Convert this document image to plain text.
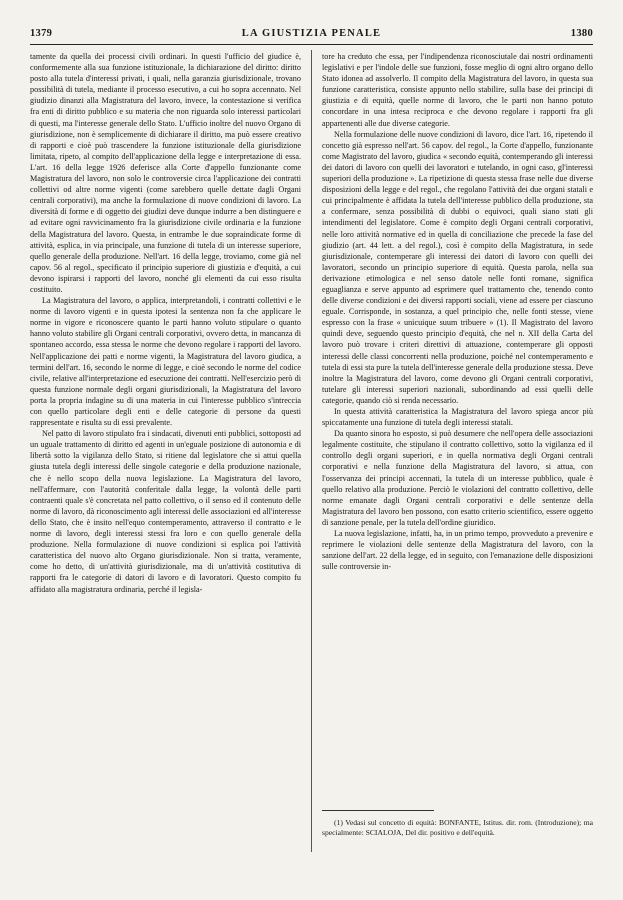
1379	LA GIUSTIZIA PENALE	1380

tamente da quella dei processi civili ordinari. In questi l'ufficio del giudice è, conformemente alla sua funzione istituzionale, la dichiarazione del diritto: diritto posto alla tutela d'interessi privati, i quali, nella garanzia giurisdizionale, trovano possibilità di tutela, mediante il processo esecutivo, a cui ho sopra accennato. Nel giudizio dinanzi alla Magistratura del lavoro, invece, la contestazione si verifica fra enti di diritto pubblico e su materia che non riguarda solo interessi particolari di questi, ma l'interesse generale dello Stato. L'ufficio inoltre del nuovo Organo di giurisdizione, non è semplicemente di dichiarare il diritto, ma può essere creativo di rapporti e cioè può trascendere la funzione istituzionale della giurisdizione limitata, ripeto, al compito dell'applicazione della legge e interpretazione di essa. L'art. 16 della legge 1926 deferisce alla Corte d'appello funzionante come Magistratura del lavoro, non solo le controversie circa l'applicazione dei contratti collettivi od altre norme vigenti (come sarebbero quelle dettate dagli Organi centrali corporativi), ma anche la formulazione di nuove condizioni di lavoro. La diversità di forme e di oggetto dei giudizi deve dunque indurre a ben distinguere e ad evitare ogni ravvicinamento fra la giurisdizione civile ordinaria e la funzione della Magistratura del lavoro. Questa, in entrambe le due sopraindicate forme di attività, esplica, in via principale, una funzione di tutela di un interesse superiore, quello generale della produzione. Nell'art. 16 della legge, troviamo, come già nel capov. 56 al regol., specificato il principio superiore di giustizia e d'equità, a cui devono ispirarsi i rapporti del lavoro, nonché gli elementi da cui esso risulta costituito.

La Magistratura del lavoro, o applica, interpretandoli, i contratti collettivi e le norme di lavoro vigenti e in questa ipotesi la sentenza non fa che applicare le norme in vigore e riconoscere quanto le parti hanno voluto stipulare o quanto hanno voluto stabilire gli Organi centrali corporativi, ovvero detta, in mancanza di spontaneo accordo, essa stessa le norme che devono regolare i rapporti del lavoro. Nell'applicazione dei patti e norme vigenti, la Magistratura del lavoro giudica, a termini dell'art. 16, secondo le norme di legge, e cioè secondo le norme del codice civile, relative all'interpretazione ed esecuzione dei contratti. Nell'esercizio però di questa funzione normale degli organi giurisdizionali, la Magistratura del lavoro porta la propria indagine su di una materia in cui l'interesse pubblico s'intreccia con quello particolare degli enti e delle categorie di persone da questi rappresentate e risulta su di essi prevalente.

Nel patto di lavoro stipulato fra i sindacati, divenuti enti pubblici, sottoposti ad un uguale trattamento di diritto ed agenti in un'eguale posizione di autonomia e di libertà sotto la vigilanza dello Stato, si ritiene dal legislatore che si attui quella giusta tutela degli interessi delle singole categorie e della produzione nazionale, che è nello scopo della nuova legislazione. La Magistratura del lavoro, nell'affermare, con l'autorità conferitale dalla legge, la volontà delle parti contraenti quale s'è concretata nel patto collettivo, o il senso ed il contenuto delle norme di lavoro, dà riconoscimento agli interessi delle associazioni ed all'interesse dello Stato, che è insito nell'equo contemperamento, attraverso il contratto e le norme di lavoro, degli interessi stessi fra loro e con quello generale della produzione. Nella formulazione di nuove condizioni si esplica poi l'attività caratteristica del nuovo alto Organo giurisdizionale. Non si tratta, veramente, come ho detto, di un'attività giurisdizionale, ma di un'attività costitutiva di rapporti fra le categorie di datori di lavoro e di lavoratori. Questo compito fu affidato alla magistratura ordinaria, perché il legisla-

tore ha creduto che essa, per l'indipendenza riconosciutale dai nostri ordinamenti legislativi e per l'indole delle sue funzioni, fosse meglio di ogni altro organo dello Stato idonea ad assolverlo. Il compito della Magistratura del lavoro, in questa sua funzione caratteristica, consiste appunto nello stabilire, sulla base dei principi di giustizia e di equità, quelle norme di lavoro, che le parti non hanno potuto concordare in una intesa reciproca e che devono regolare i rapporti fra gli appartenenti alle due diverse categorie.

Nella formulazione delle nuove condizioni di lavoro, dice l'art. 16, ripetendo il concetto già espresso nell'art. 56 capov. del regol., la Corte d'appello, funzionante come Magistrato del lavoro, giudica « secondo equità, contemperando gli interessi dei datori di lavoro con quelli dei lavoratori e tutelando, in ogni caso, gl'interessi superiori della produzione ». La ripetizione di questa stessa frase nelle due diverse disposizioni della legge e del regol., che regolano l'attività dei due organi statali e cui principalmente è affidata la tutela dell'interesse pubblico della produzione, sta a confermare, senza possibilità di dubbi o equivoci, quali siano stati gli intendimenti del legislatore. Come è compito degli Organi centrali corporativi, nelle loro attività normative ed in quella di conciliazione che precede la fase del giudizio (art. 44 lett. a del regol.), così è compito della Magistratura, in sede giurisdizionale, contemperare gli interessi dei datori di lavoro con quelli dei lavoratori, secondo un principio superiore di equità. Questa parola, nella sua derivazione etimologica e nel senso datole nelle fonti romane, significa eguaglianza e serve appunto ad esprimere quel trattamento che, tenendo conto delle diverse condizioni e dei diversi rapporti sociali, viene ad essere per ciascuno eguale. Corrisponde, in sostanza, a quel principio che, nelle fonti stesse, viene espresso con la frase « unicuique suum tribuere » (1). Il Magistrato del lavoro quindi deve, seguendo questo principio d'equità, che nel n. XII della Carta del lavoro può trovare i criteri direttivi di attuazione, contemperare gli opposti interessi delle classi concorrenti nella produzione, poiché nel contemperamento e tutela di essi sta pure la tutela dell'interesse generale della produzione stessa. Deve inoltre la Magistratura del lavoro, come devono gli Organi centrali corporativi, tutelare gli interessi superiori nazionali, subordinando ad essi quelli delle categorie, quando ciò si renda necessario.

In questa attività caratteristica la Magistratura del lavoro spiega ancor più spiccatamente una funzione di tutela degli interessi statali.

Da quanto sinora ho esposto, si può desumere che nell'opera delle associazioni legalmente costituite, che stipulano il contratto collettivo, sotto la vigilanza ed il controllo degli organi superiori, e in quella normativa degli Organi centrali corporativi e nella funzione della Magistratura del lavoro, si attua, con l'osservanza dei principi accennati, la tutela di un interesse pubblico, quale è quello relativo alla produzione. Perciò le violazioni del contratto collettivo, delle norme emanate dagli Organi centrali corporativi e delle sentenze della Magistratura del lavoro ben possono, con esatto criterio scientifico, essere oggetto di sanzione penale, per la tutela dell'ordine giuridico.

La nuova legislazione, infatti, ha, in un primo tempo, provveduto a prevenire e reprimere le violazioni delle sentenze della Magistratura del lavoro, con la sanzione dell'art. 22 della legge, ed in seguito, con l'emanazione delle disposizioni sulle controversie in-

(1) Vedasi sul concetto di equità: BONFANTE, Istitus. dir. rom. (Introduzione); ma specialmente: SCIALOJA, Del dir. positivo e dell'equità.
